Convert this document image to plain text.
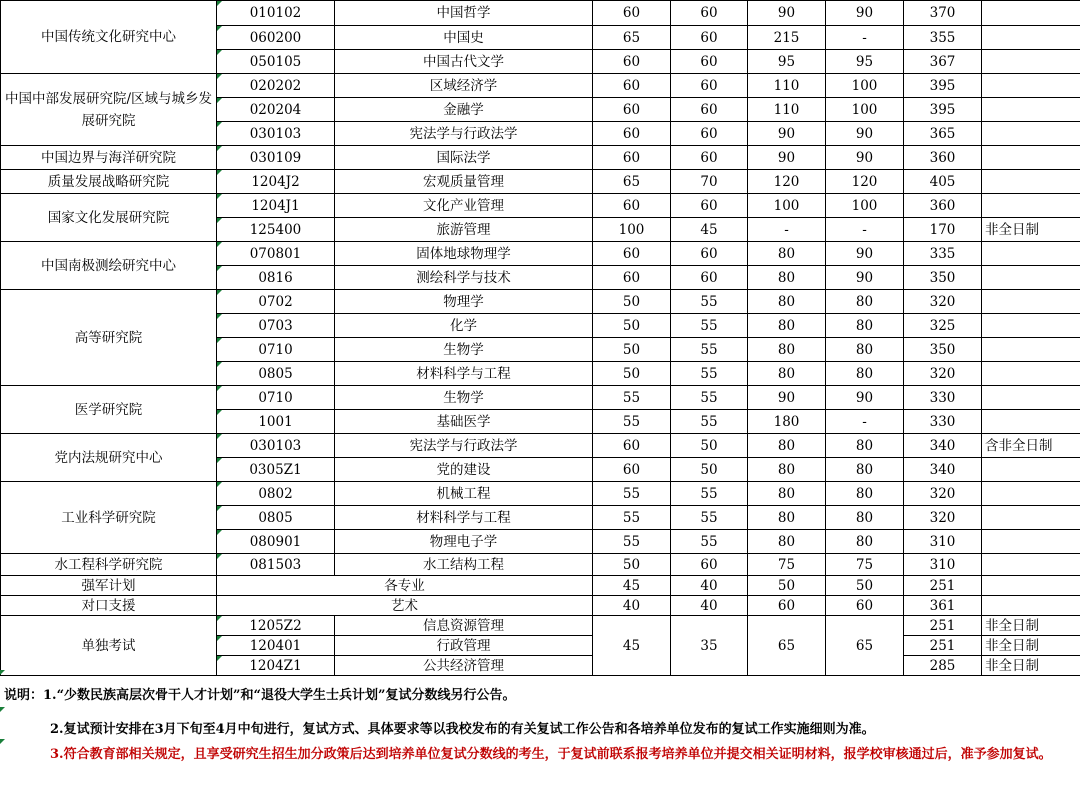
中国传统文化研究中心	010102	中国哲学	60	60	90	90	370	
	060200	中国史	65	60	215	-	355	
	050105	中国古代文学	60	60	95	95	367	
中国中部发展研究院/区域与城乡发展研究院	020202	区域经济学	60	60	110	100	395	
	020204	金融学	60	60	110	100	395	
	030103	宪法学与行政法学	60	60	90	90	365	
中国边界与海洋研究院	030109	国际法学	60	60	90	90	360	
质量发展战略研究院	1204J2	宏观质量管理	65	70	120	120	405	
国家文化发展研究院	1204J1	文化产业管理	60	60	100	100	360	
	125400	旅游管理	100	45	-	-	170	非全日制
中国南极测绘研究中心	070801	固体地球物理学	60	60	80	90	335	
	0816	测绘科学与技术	60	60	80	90	350	
高等研究院	0702	物理学	50	55	80	80	320	
	0703	化学	50	55	80	80	325	
	0710	生物学	50	55	80	80	350	
	0805	材料科学与工程	50	55	80	80	320	
医学研究院	0710	生物学	55	55	90	90	330	
	1001	基础医学	55	55	180	-	330	
党内法规研究中心	030103	宪法学与行政法学	60	50	80	80	340	含非全日制
	0305Z1	党的建设	60	50	80	80	340	
工业科学研究院	0802	机械工程	55	55	80	80	320	
	0805	材料科学与工程	55	55	80	80	320	
	080901	物理电子学	55	55	80	80	310	
水工程科学研究院	081503	水工结构工程	50	60	75	75	310	
强军计划	各专业		45	40	50	50	251	
对口支援	艺术		40	40	60	60	361	
单独考试	1205Z2	信息资源管理	45	35	65	65	251	非全日制
	120401	行政管理					251	非全日制
	1204Z1	公共经济管理					285	非全日制

说明：1.“少数民族高层次骨干人才计划”和“退役大学生士兵计划”复试分数线另行公告。

2.复试预计安排在3月下旬至4月中旬进行，复试方式、具体要求等以我校发布的有关复试工作公告和各培养单位发布的复试工作实施细则为准。

3.符合教育部相关规定，且享受研究生招生加分政策后达到培养单位复试分数线的考生，于复试前联系报考培养单位并提交相关证明材料，报学校审核通过后，准予参加复试。
